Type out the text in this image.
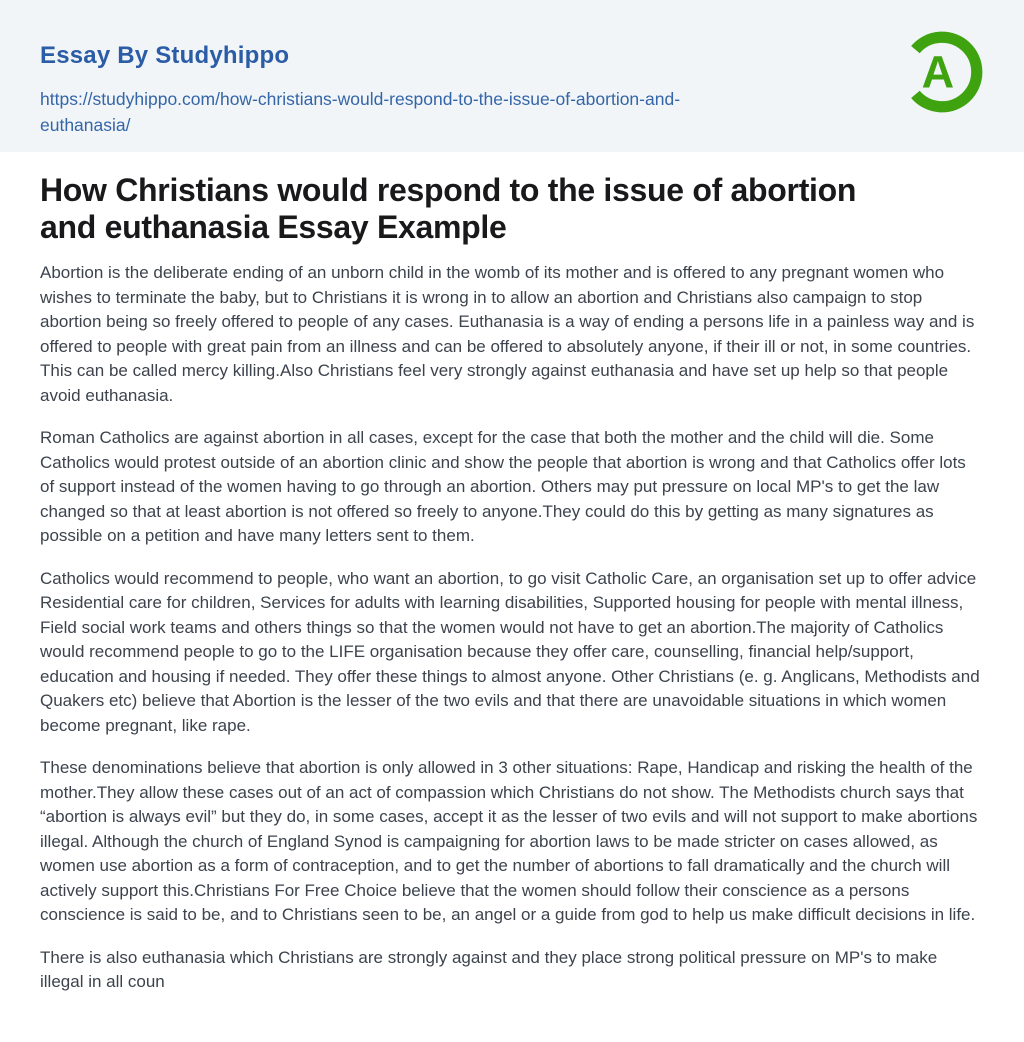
Essay By Studyhippo
https://studyhippo.com/how-christians-would-respond-to-the-issue-of-abortion-and-euthanasia/
A
How Christians would respond to the issue of abortion and euthanasia Essay Example

Abortion is the deliberate ending of an unborn child in the womb of its mother and is offered to any pregnant women who wishes to terminate the baby, but to Christians it is wrong in to allow an abortion and Christians also campaign to stop abortion being so freely offered to people of any cases. Euthanasia is a way of ending a persons life in a painless way and is offered to people with great pain from an illness and can be offered to absolutely anyone, if their ill or not, in some countries. This can be called mercy killing.Also Christians feel very strongly against euthanasia and have set up help so that people avoid euthanasia.

Roman Catholics are against abortion in all cases, except for the case that both the mother and the child will die. Some Catholics would protest outside of an abortion clinic and show the people that abortion is wrong and that Catholics offer lots of support instead of the women having to go through an abortion. Others may put pressure on local MP's to get the law changed so that at least abortion is not offered so freely to anyone.They could do this by getting as many signatures as possible on a petition and have many letters sent to them.

Catholics would recommend to people, who want an abortion, to go visit Catholic Care, an organisation set up to offer advice Residential care for children, Services for adults with learning disabilities, Supported housing for people with mental illness, Field social work teams and others things so that the women would not have to get an abortion.The majority of Catholics would recommend people to go to the LIFE organisation because they offer care, counselling, financial help/support, education and housing if needed. They offer these things to almost anyone. Other Christians (e. g. Anglicans, Methodists and Quakers etc) believe that Abortion is the lesser of the two evils and that there are unavoidable situations in which women become pregnant, like rape.

These denominations believe that abortion is only allowed in 3 other situations: Rape, Handicap and risking the health of the mother.They allow these cases out of an act of compassion which Christians do not show. The Methodists church says that “abortion is always evil” but they do, in some cases, accept it as the lesser of two evils and will not support to make abortions illegal. Although the church of England Synod is campaigning for abortion laws to be made stricter on cases allowed, as women use abortion as a form of contraception, and to get the number of abortions to fall dramatically and the church will actively support this.Christians For Free Choice believe that the women should follow their conscience as a persons conscience is said to be, and to Christians seen to be, an angel or a guide from god to help us make difficult decisions in life.

There is also euthanasia which Christians are strongly against and they place strong political pressure on MP's to make illegal in all coun
